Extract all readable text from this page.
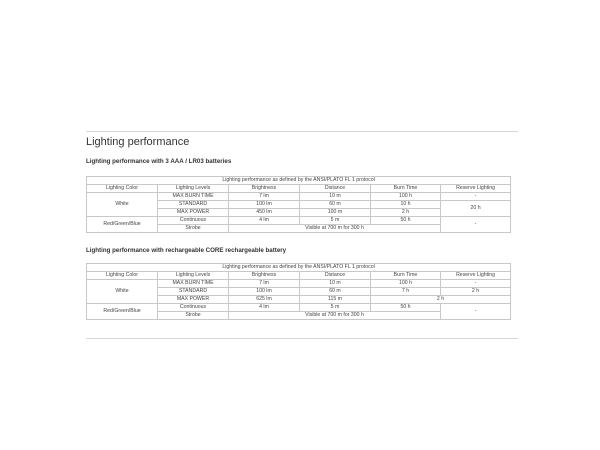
Lighting performance
Lighting performance with 3 AAA / LR03 batteries
Lighting performance as defined by the ANSI/PLATO FL 1 protocol					
Lighting Color	Lighting Levels	Brightness	Distance	Burn Time	Reserve Lighting
White	MAX BURN TIME	7 lm	10 m	100 h	-
	STANDARD	100 lm	60 m	10 h	20 h
	MAX POWER	450 lm	100 m	2 h	
Red/Green/Blue	Continuous	4 lm	5 m	50 h	-
	Strobe	Visible at 700 m for 300 h			
Lighting performance with rechargeable CORE rechargeable battery
Lighting performance as defined by the ANSI/PLATO FL 1 protocol					
Lighting Color	Lighting Levels	Brightness	Distance	Burn Time	Reserve Lighting
White	MAX BURN TIME	7 lm	10 m	100 h	-
	STANDARD	100 lm	60 m	7 h	2 h
	MAX POWER	625 lm	115 m	2 h	
Red/Green/Blue	Continuous	4 lm	5 m	50 h	-
	Strobe	Visible at 700 m for 300 h			
